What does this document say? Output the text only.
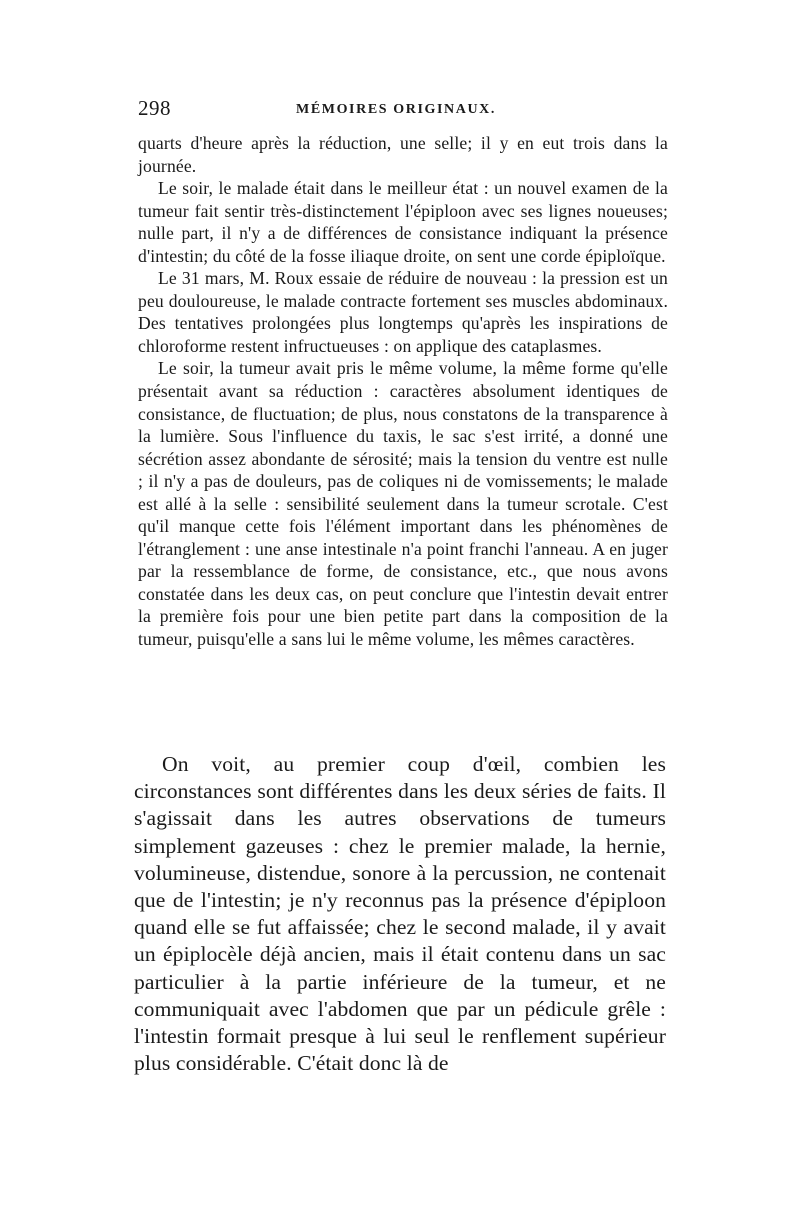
298	MÉMOIRES ORIGINAUX.

quarts d'heure après la réduction, une selle; il y en eut trois dans la journée.

Le soir, le malade était dans le meilleur état : un nouvel examen de la tumeur fait sentir très-distinctement l'épiploon avec ses lignes noueuses; nulle part, il n'y a de différences de consistance indiquant la présence d'intestin; du côté de la fosse iliaque droite, on sent une corde épiploïque.

Le 31 mars, M. Roux essaie de réduire de nouveau : la pression est un peu douloureuse, le malade contracte fortement ses muscles abdominaux. Des tentatives prolongées plus longtemps qu'après les inspirations de chloroforme restent infructueuses : on applique des cataplasmes.

Le soir, la tumeur avait pris le même volume, la même forme qu'elle présentait avant sa réduction : caractères absolument identiques de consistance, de fluctuation; de plus, nous constatons de la transparence à la lumière. Sous l'influence du taxis, le sac s'est irrité, a donné une sécrétion assez abondante de sérosité; mais la tension du ventre est nulle ; il n'y a pas de douleurs, pas de coliques ni de vomissements; le malade est allé à la selle : sensibilité seulement dans la tumeur scrotale. C'est qu'il manque cette fois l'élément important dans les phénomènes de l'étranglement : une anse intestinale n'a point franchi l'anneau. A en juger par la ressemblance de forme, de consistance, etc., que nous avons constatée dans les deux cas, on peut conclure que l'intestin devait entrer la première fois pour une bien petite part dans la composition de la tumeur, puisqu'elle a sans lui le même volume, les mêmes caractères.

On voit, au premier coup d'œil, combien les circonstances sont différentes dans les deux séries de faits. Il s'agissait dans les autres observations de tumeurs simplement gazeuses : chez le premier malade, la hernie, volumineuse, distendue, sonore à la percussion, ne contenait que de l'intestin; je n'y reconnus pas la présence d'épiploon quand elle se fut affaissée; chez le second malade, il y avait un épiplocèle déjà ancien, mais il était contenu dans un sac particulier à la partie inférieure de la tumeur, et ne communiquait avec l'abdomen que par un pédicule grêle : l'intestin formait presque à lui seul le renflement supérieur plus considérable. C'était donc là de
